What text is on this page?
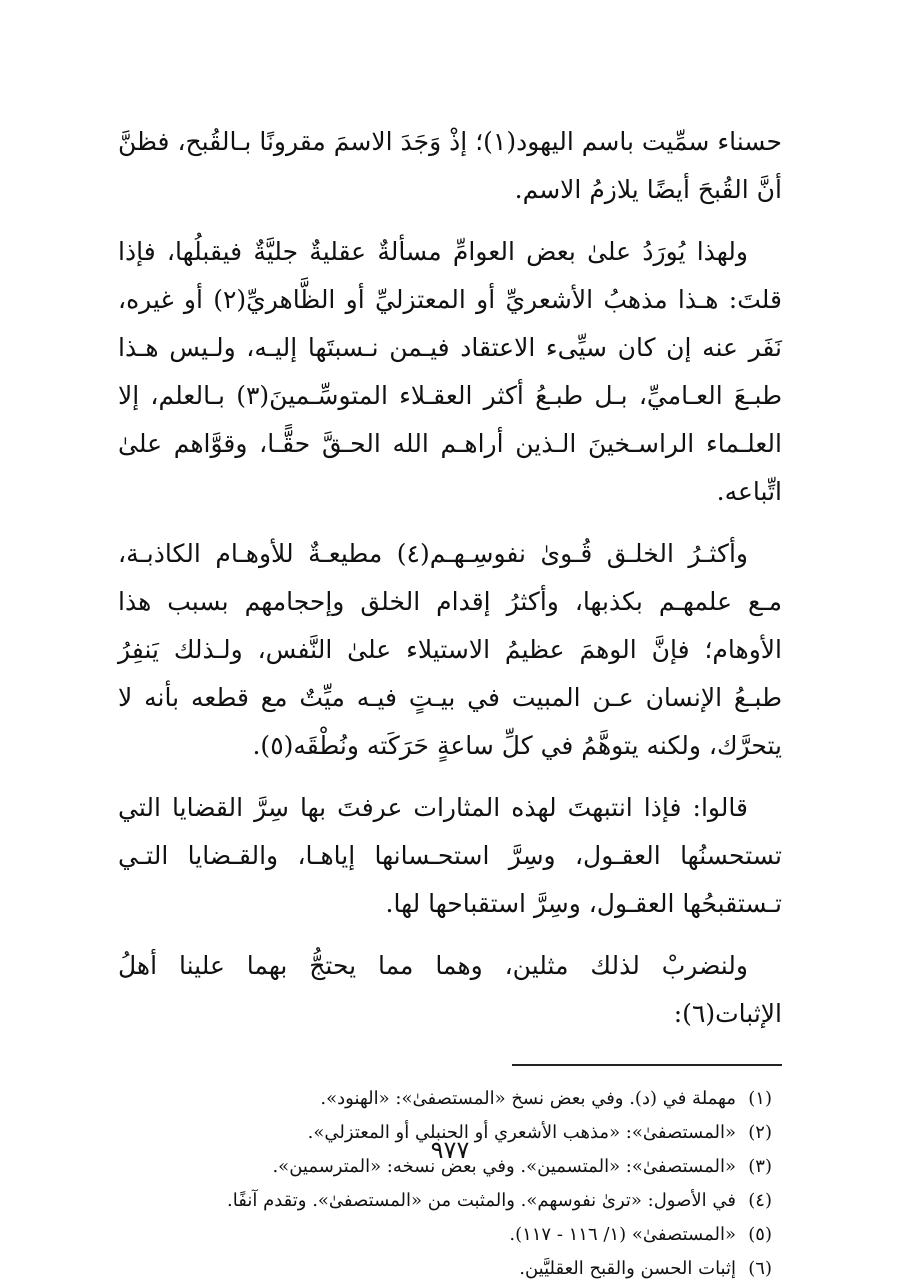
حسناء سمِّيت باسم اليهود(١)؛ إذْ وَجَدَ الاسمَ مقرونًا بـالقُبح، فظنَّ أنَّ القُبحَ أيضًا يلازمُ الاسم.

ولهذا يُورَدُ علىٰ بعض العوامِّ مسألةٌ عقليةٌ جليَّةٌ فيقبلُها، فإذا قلتَ: هـذا مذهبُ الأشعريِّ أو المعتزليِّ أو الظَّاهريِّ(٢) أو غيره، نَفَر عنه إن كان سيِّىء الاعتقاد فيـمن نـسبتَها إليـه، ولـيس هـذا طبـعَ العـاميِّ، بـل طبـعُ أكثر العقـلاء المتوسِّـمينَ(٣) بـالعلم، إلا العلـماء الراسـخينَ الـذين أراهـم الله الحـقَّ حقًّـا، وقوَّاهم علىٰ اتِّباعه.

وأكثـرُ الخلـق قُـوىٰ نفوسِـهـم(٤) مطيعـةٌ للأوهـام الكاذبـة، مـع علمهـم بكذبها، وأكثرُ إقدام الخلق وإحجامهم بسبب هذا الأوهام؛ فإنَّ الوهمَ عظيمُ الاستيلاء علىٰ النَّفس، ولـذلك يَنفِرُ طبـعُ الإنسان عـن المبيت في بيـتٍ فيـه ميِّتٌ مع قطعه بأنه لا يتحرَّك، ولكنه يتوهَّمُ في كلِّ ساعةٍ حَرَكَته ونُطْقَه(٥).

قالوا: فإذا انتبهتَ لهذه المثارات عرفتَ بها سِرَّ القضايا التي تستحسنُها العقـول، وسِرَّ استحـسانها إياهـا، والقـضايا التـي تـستقبحُها العقـول، وسِرَّ استقباحها لها.

ولنضربْ لذلك مثلين، وهما مما يحتجُّ بهما علينا أهلُ الإثبات(٦):

(١)
مهملة في (د). وفي بعض نسخ «المستصفىٰ»: «الهنود».
(٢)
«المستصفىٰ»: «مذهب الأشعري أو الحنبلي أو المعتزلي».
(٣)
«المستصفىٰ»: «المتسمين». وفي بعض نسخه: «المترسمين».
(٤)
في الأصول: «ترىٰ نفوسهم». والمثبت من «المستصفىٰ». وتقدم آنفًا.
(٥)
«المستصفىٰ» (١/ ١١٦ - ١١٧).
(٦)
إثبات الحسن والقبح العقليَّين.
٩٧٧
